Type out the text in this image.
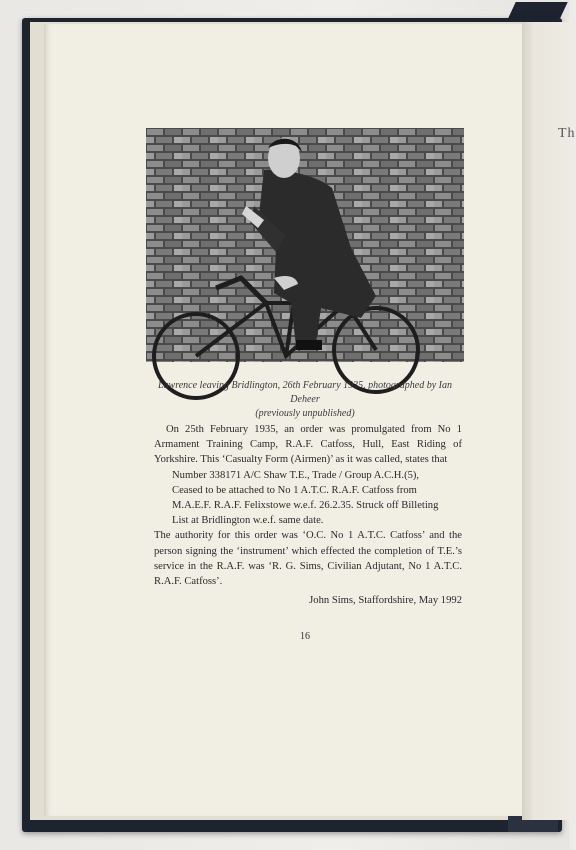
Th
Lawrence leaving Bridlington, 26th February 1935, photographed by Ian Deheer
(previously unpublished)

On 25th February 1935, an order was promulgated from No 1 Armament Training Camp, R.A.F. Catfoss, Hull, East Riding of Yorkshire. This ‘Casualty Form (Airmen)’ as it was called, states that

Number 338171 A/C Shaw T.E., Trade / Group A.C.H.(5),
Ceased to be attached to No 1 A.T.C. R.A.F. Catfoss from
M.A.E.F. R.A.F. Felixstowe w.e.f. 26.2.35. Struck off Billeting
List at Bridlington w.e.f. same date.

The authority for this order was ‘O.C. No 1 A.T.C. Catfoss’ and the person signing the ‘instrument’ which effected the completion of T.E.’s service in the R.A.F. was ‘R. G. Sims, Civilian Adjutant, No 1 A.T.C. R.A.F. Catfoss’.

John Sims, Staffordshire, May 1992

16
